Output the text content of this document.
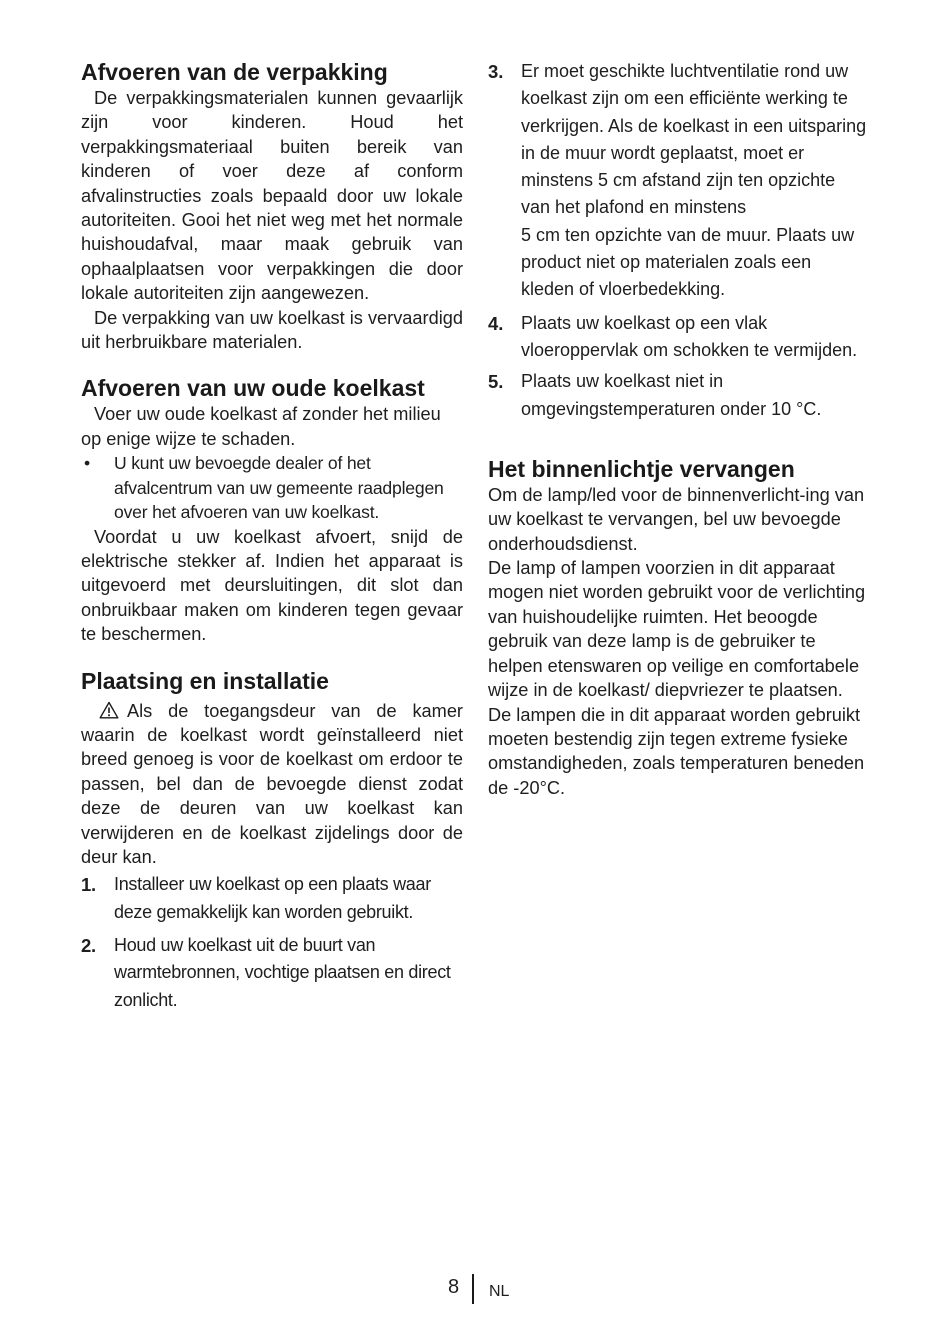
Afvoeren van de verpakking

De verpakkingsmaterialen kunnen gevaarlijk zijn voor kinderen. Houd het verpakkingsmateriaal buiten bereik van kinderen of voer deze af conform afvalinstructies zoals bepaald door uw lokale autoriteiten. Gooi het niet weg met het normale huishoudafval, maar maak gebruik van ophaalplaatsen voor verpakkingen die door lokale autoriteiten zijn aangewezen.

De verpakking van uw koelkast is vervaardigd uit herbruikbare materialen.

Afvoeren van uw oude koelkast

Voer uw oude koelkast af zonder het milieu op enige wijze te schaden.

•	U kunt uw bevoegde dealer of het afvalcentrum van uw gemeente raadplegen over het afvoeren van uw koelkast.

Voordat u uw koelkast afvoert, snijd de elektrische stekker af. Indien het apparaat is uitgevoerd met deursluitingen, dit slot dan onbruikbaar maken om kinderen tegen gevaar te beschermen.

Plaatsing en installatie

Als de toegangsdeur van de kamer waarin de koelkast wordt geïnstalleerd niet breed genoeg is voor de koelkast om erdoor te passen, bel dan de bevoegde dienst zodat deze de deuren van uw koelkast kan verwijderen en de koelkast zijdelings door de deur kan.

1.	Installeer uw koelkast op een plaats waar deze gemakkelijk kan worden gebruikt.
2.	Houd uw koelkast uit de buurt van warmtebronnen, vochtige plaatsen en direct zonlicht.
3. Er moet geschikte luchtventilatie rond uw koelkast zijn om een efficiënte werking te verkrijgen. Als de koelkast in een uitsparing in de muur wordt geplaatst, moet er minstens 5 cm afstand zijn ten opzichte van het plafond en minstens
5 cm ten opzichte van de muur. Plaats uw product niet op materialen zoals een kleden of vloerbedekking.
4. Plaats uw koelkast op een vlak vloeroppervlak om schokken te vermijden.
5. Plaats uw koelkast niet in omgevingstemperaturen onder 10 °C.
Het binnenlichtje vervangen

Om de lamp/led voor de binnenverlicht-ing van uw koelkast te vervangen, bel uw bevoegde onderhoudsdienst.

De lamp of lampen voorzien in dit apparaat mogen niet worden gebruikt voor de verlichting van huishoudelijke ruimten. Het beoogde gebruik van deze lamp is de gebruiker te helpen etenswaren op veilige en comfortabele wijze in de koelkast/ diepvriezer te plaatsen.

De lampen die in dit apparaat worden gebruikt moeten bestendig zijn tegen extreme fysieke omstandigheden, zoals temperaturen beneden de -20°C.

8 NL
